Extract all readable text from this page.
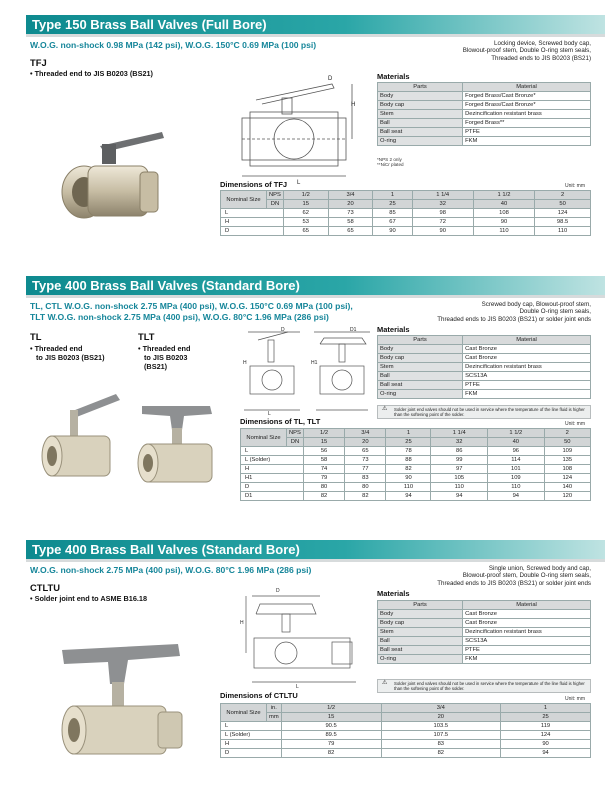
Type 150 Brass Ball Valves (Full Bore)
W.O.G. non-shock 0.98 MPa (142 psi), W.O.G. 150°C 0.69 MPa (100 psi)	Locking device, Screwed body cap,
Blowout-proof stem, Double O-ring stem seals,
Threaded ends to JIS B0203 (BS21)
TFJ
• Threaded end to JIS B0203 (BS21)
H
L
D	Materials
Parts	Material
Body	Forged Brass/Cast Bronze*
Body cap	Forged Brass/Cast Bronze*
Stem	Dezincification resistant brass
Ball	Forged Brass**
Ball seat	PTFE
O-ring	FKM
*NPS 2 only
**NiCr plated
Dimensions of TFJ	Unit: mm
Nominal Size	NPS	1/2	3/4	1	1 1/4	1 1/2	2
	DN	15	20	25	32	40	50
L		62	73	85	98	108	124
H		53	58	67	72	90	98.5
D		65	65	90	90	110	110
Type 400 Brass Ball Valves (Standard Bore)
TL, CTL W.O.G. non-shock 2.75 MPa (400 psi), W.O.G. 150°C 0.69 MPa (100 psi),
TLT W.O.G. non-shock 2.75 MPa (400 psi), W.O.G. 80°C 1.96 MPa (286 psi)
Screwed body cap, Blowout-proof stem,
Double O-ring stem seals,
Threaded ends to JIS B0203 (BS21) or solder joint ends
TL
• Threaded end
to JIS B0203 (BS21)
TLT
• Threaded end
to JIS B0203
(BS21)
D	D1
H	H1
L
Materials
Parts	Material
Body	Cast Bronze
Body cap	Cast Bronze
Stem	Dezincification resistant brass
Ball	SCS13A
Ball seat	PTFE
O-ring	FKM
⚠ Solder joint end valves should not be used in service where the temperature of the line fluid is higher than the softening point of the solder.
Dimensions of TL, TLT	Unit: mm
Nominal Size	NPS	1/2	3/4	1	1 1/4	1 1/2	2
	DN	15	20	25	32	40	50
L		56	65	78	86	96	109
L (Solder)		58	73	88	99	114	135
H		74	77	82	97	101	108
H1		79	83	90	105	109	124
D		80	80	110	110	110	140
D1		82	82	94	94	94	120
Type 400 Brass Ball Valves (Standard Bore)
W.O.G. non-shock 2.75 MPa (400 psi), W.O.G. 80°C 1.96 MPa (286 psi)	Single union, Screwed body and cap,
Blowout-proof stem, Double O-ring stem seals,
Threaded ends to JIS B0203 (BS21) or solder joint ends
CTLTU
• Solder joint end to ASME B16.18
D
H
L
Materials
Parts	Material
Body	Cast Bronze
Body cap	Cast Bronze
Stem	Dezincification resistant brass
Ball	SCS13A
Ball seat	PTFE
O-ring	FKM
⚠ Solder joint end valves should not be used in service where the temperature of the line fluid is higher than the softening point of the solder.
Dimensions of CTLTU	Unit: mm
Nominal Size	in.	1/2	3/4	1
	mm	15	20	25
L		90.5	103.5	119
L (Solder)		89.5	107.5	124
H		79	83	90
D		82	82	94
